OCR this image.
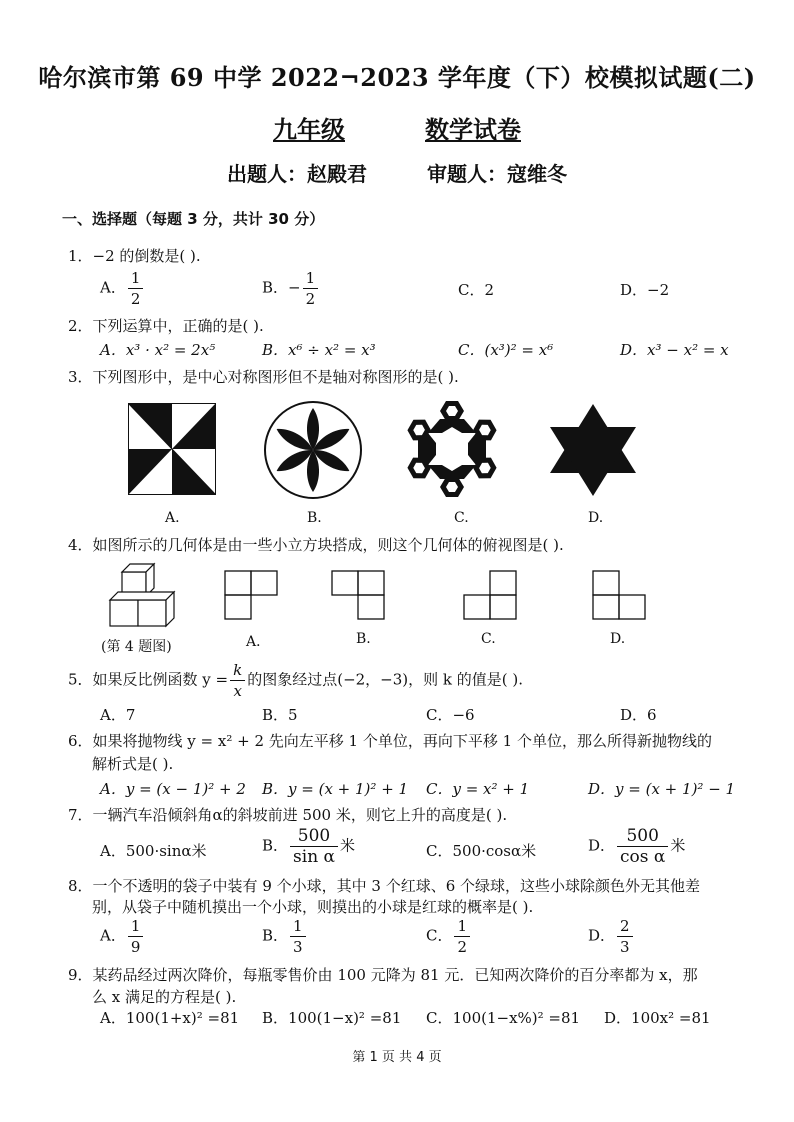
哈尔滨市第 69 中学 2022¬2023 学年度（下）校模拟试题(二)
九年级	数学试卷
出题人：赵殿君	审题人：寇维冬
一、选择题（每题 3 分，共计 30 分）
1．−2 的倒数是( ).
A． $\frac{1}{2}$	B．− $\frac{1}{2}$	C．2	D．−2
2．下列运算中，正确的是( ).
A．x³ · x² = 2x⁵	B．x⁶ ÷ x² = x³	C．(x³)² = x⁶	D．x³ − x² = x
3．下列图形中，是中心对称图形但不是轴对称图形的是( ).
A.	B.	C.	D.
4．如图所示的几何体是由一些小立方块搭成，则这个几何体的俯视图是( ).
(第 4 题图)	A．	B.	C.	D.
5．如果反比例函数 $y = \frac{k}{x}$ 的图象经过点(−2，−3)，则 k 的值是( ).
A．7	B．5	C．−6	D．6
6．如果将抛物线 y = x² + 2 先向左平移 1 个单位，再向下平移 1 个单位，那么所得新抛物线的
解析式是( ).
A．y = (x − 1)² + 2 B．y = (x + 1)² + 1 C．y = x² + 1	D．y = (x + 1)² − 1
7．一辆汽车沿倾斜角α的斜坡前进 500 米，则它上升的高度是( ).
A．500·sinα米	B． $\frac{500}{\text{sin α}}$ 米	C．500·cosα米	D． $\frac{500}{\text{cos α}}$ 米
8．一个不透明的袋子中装有 9 个小球，其中 3 个红球、6 个绿球，这些小球除颜色外无其他差
别，从袋子中随机摸出一个小球，则摸出的小球是红球的概率是( ).
A． $\frac{1}{9}$	B． $\frac{1}{3}$	C． $\frac{1}{2}$	D． $\frac{2}{3}$
9．某药品经过两次降价，每瓶零售价由 100 元降为 81 元．已知两次降价的百分率都为 x，那
么 x 满足的方程是( ).
A．100(1+x)² =81 B．100(1−x)² =81 C．100(1−x%)² =81 D．100x² =81
第 1 页 共 4 页
